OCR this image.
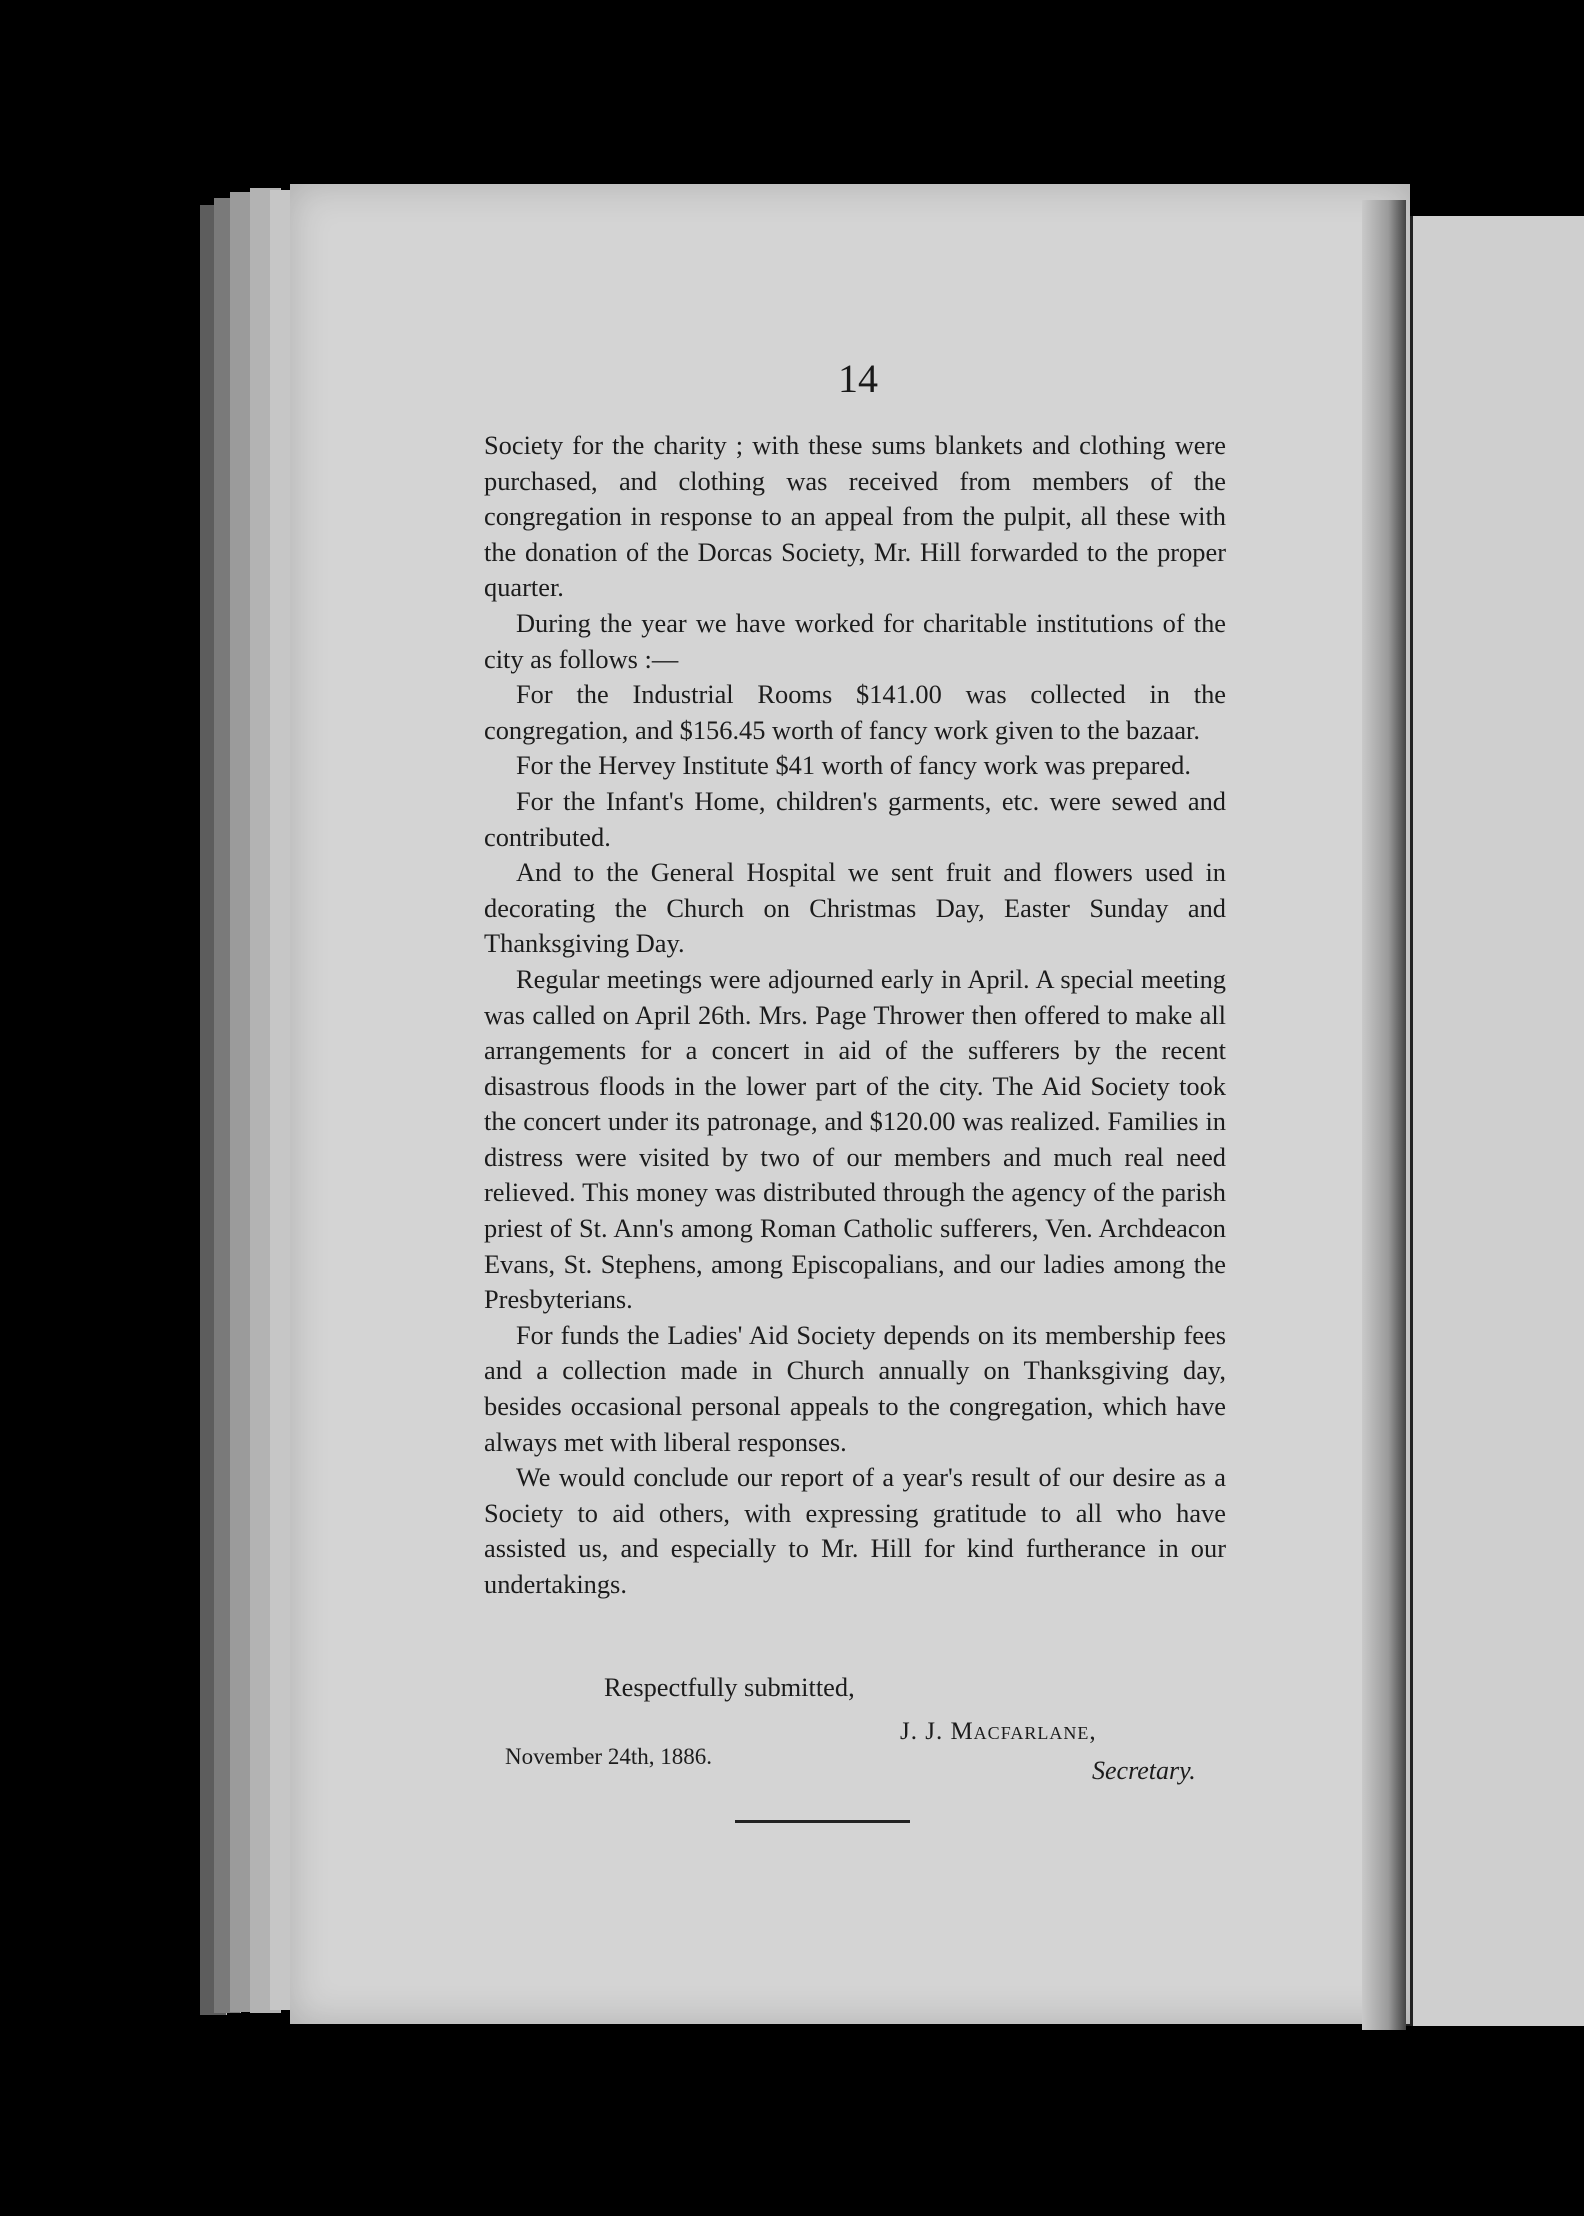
14

Society for the charity ; with these sums blankets and clothing were purchased, and clothing was received from members of the congregation in response to an appeal from the pulpit, all these with the donation of the Dorcas Society, Mr. Hill forwarded to the proper quarter.

During the year we have worked for charitable institutions of the city as follows :—

For the Industrial Rooms $141.00 was collected in the congregation, and $156.45 worth of fancy work given to the bazaar.

For the Hervey Institute $41 worth of fancy work was prepared.

For the Infant's Home, children's garments, etc. were sewed and contributed.

And to the General Hospital we sent fruit and flowers used in decorating the Church on Christmas Day, Easter Sunday and Thanksgiving Day.

Regular meetings were adjourned early in April. A special meeting was called on April 26th. Mrs. Page Thrower then offered to make all arrangements for a concert in aid of the sufferers by the recent disastrous floods in the lower part of the city. The Aid Society took the concert under its patronage, and $120.00 was realized. Families in distress were visited by two of our members and much real need relieved. This money was distributed through the agency of the parish priest of St. Ann's among Roman Catholic sufferers, Ven. Archdeacon Evans, St. Stephens, among Episcopalians, and our ladies among the Presbyterians.

For funds the Ladies' Aid Society depends on its membership fees and a collection made in Church annually on Thanksgiving day, besides occasional personal appeals to the congregation, which have always met with liberal responses.

We would conclude our report of a year's result of our desire as a Society to aid others, with expressing gratitude to all who have assisted us, and especially to Mr. Hill for kind furtherance in our undertakings.

Respectfully submitted,
J. J. Macfarlane,
November 24th, 1886.	Secretary.
